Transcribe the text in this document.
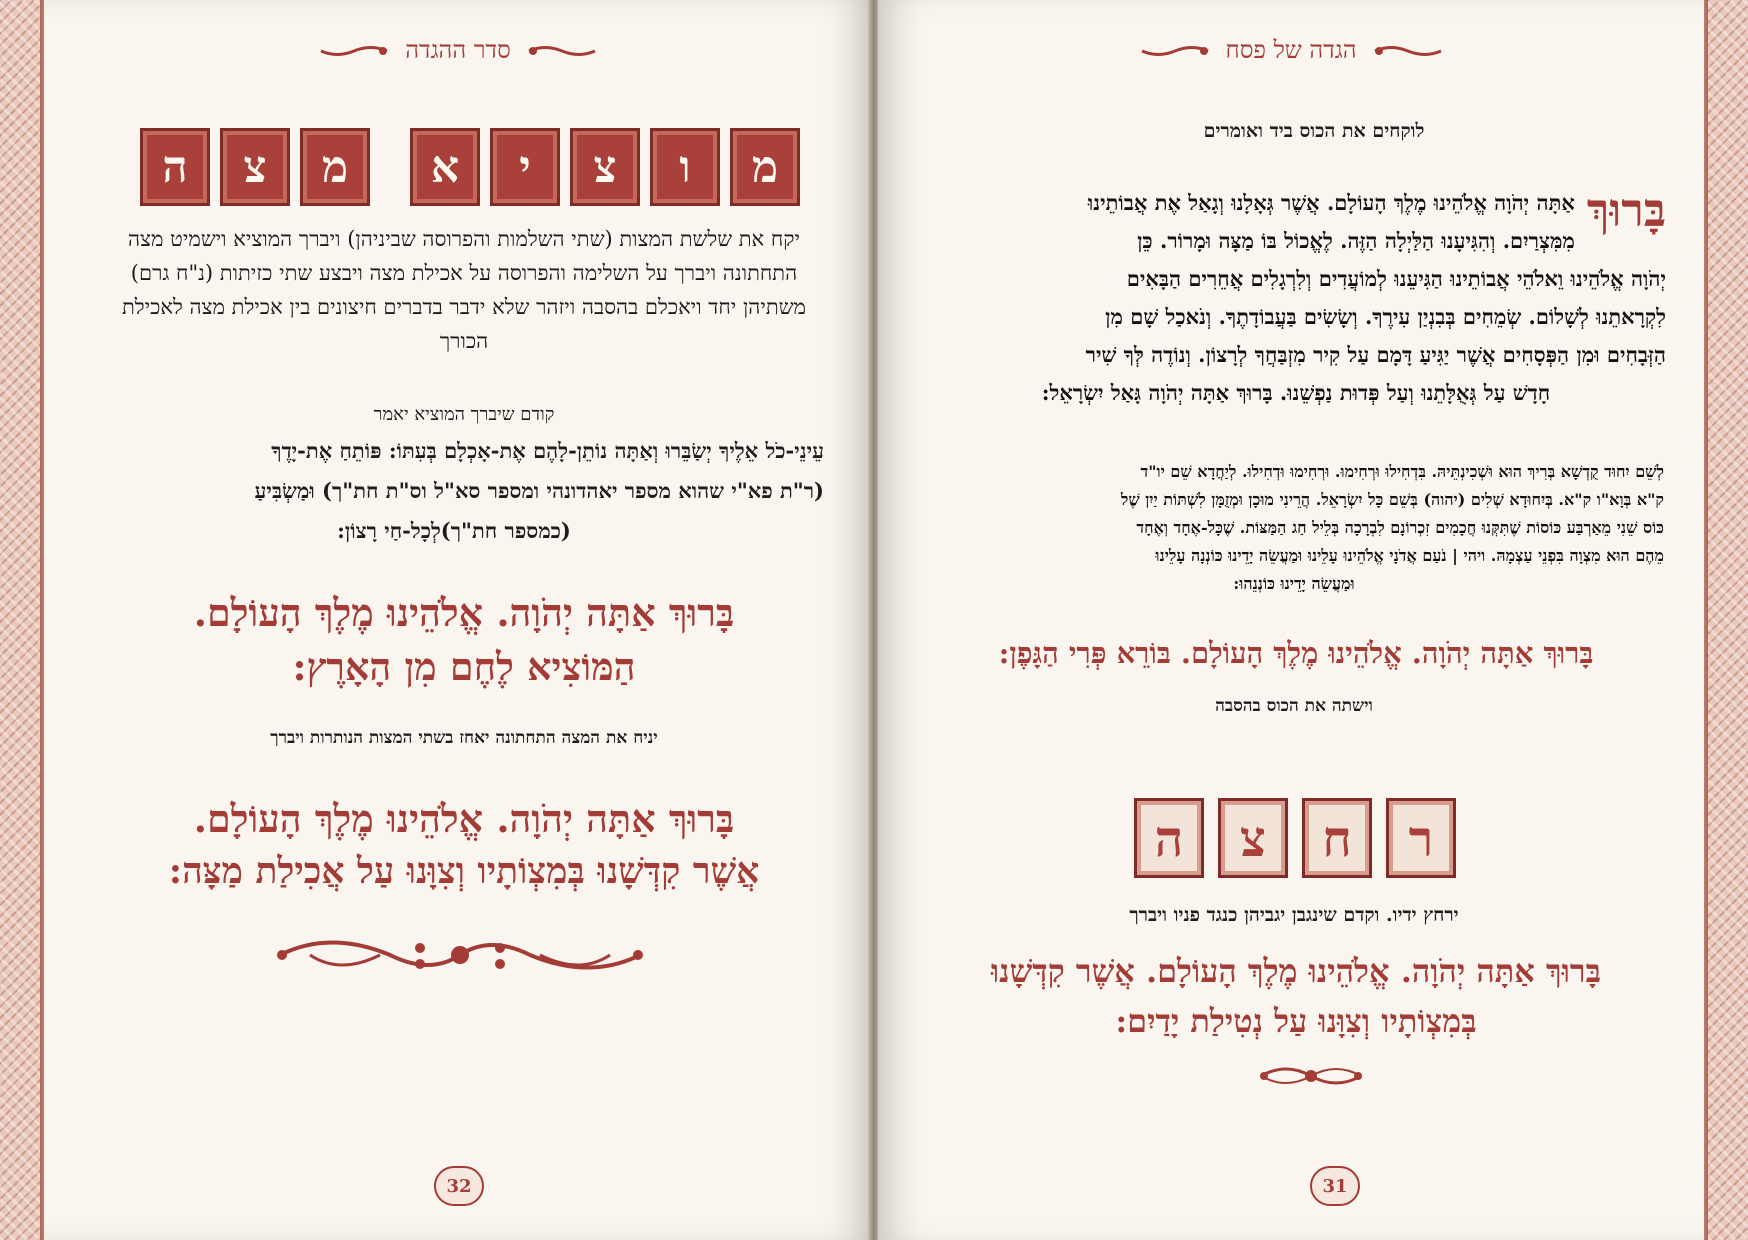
סדר ההגדה
מ
ו
צ
י
א
מ
צ
ה
יקח את שלשת המצות (שתי השלמות והפרוסה שביניהן) ויברך המוציא וישמיט מצה התחתונה ויברך על השלימה והפרוסה על אכילת מצה ויבצע שתי כזיתות (נ"ח גרם) משתיהן יחד ויאכלם בהסבה ויזהר שלא ידבר בדברים חיצונים בין אכילת מצה לאכילת הכורך
קודם שיברך המוציא יאמר
עֵינֵי-כֹל אֵלֶיךָ יְשַׂבֵּרוּ וְאַתָּה נוֹתֵן-לָהֶם אֶת-אָכְלָם בְּעִתּוֹ: פּוֹתֵחַ אֶת-יָדֶךָ
(ר"ת פא"י שהוא מספר יאהדונהי ומספר סא"ל וס"ת חת"ך) וּמַשְׂבִּיעַ
(כמספר חת"ך)לְכָל-חַי רָצוֹן:
בָּרוּךְ אַתָּה יְהֹוָה. אֱלֹהֵינוּ מֶלֶךְ הָעוֹלָם.
הַמּוֹצִיא לֶחֶם מִן הָאָרֶץ:
יניח את המצה התחתונה יאחז בשתי המצות הנותרות ויברך
בָּרוּךְ אַתָּה יְהֹוָה. אֱלֹהֵינוּ מֶלֶךְ הָעוֹלָם.
אֲשֶׁר קִדְּשָׁנוּ בְּמִצְוֹתָיו וְצִוָּנוּ עַל אֲכִילַת מַצָּה:
32
הגדה של פסח
לוקחים את הכוס ביד ואומרים
בָּרוּךְ
אַתָּה יְהֹוָה אֱלֹהֵינוּ מֶלֶךְ הָעוֹלָם. אֲשֶׁר גְּאָלָנוּ וְגָאַל אֶת אֲבוֹתֵינוּ
מִמִּצְרַיִם. וְהִגִּיעָנוּ הַלַּיְלָה הַזֶּה. לֶאֱכוֹל בּוֹ מַצָּה וּמָרוֹר. כֵּן
יְהֹוָה אֱלֹהֵינוּ וֵאלֹהֵי אֲבוֹתֵינוּ הַגִּיעֵנוּ לְמוֹעֲדִים וְלִרְגָלִים אֲחֵרִים הַבָּאִים
לִקְרָאתֵנוּ לְשָׁלוֹם. שְׂמֵחִים בְּבִנְיַן עִירֶךָ. וְשָׂשִׂים בַּעֲבוֹדָתֶךָ. וְנֹאכַל שָׁם מִן
הַזְּבָחִים וּמִן הַפְּסָחִים אֲשֶׁר יַגִּיעַ דָּמָם עַל קִיר מִזְבַּחֲךָ לְרָצוֹן. וְנוֹדֶה לְּךָ שִׁיר
חָדָשׁ עַל גְּאֻלָּתֵנוּ וְעַל פְּדוּת נַפְשֵׁנוּ. בָּרוּךְ אַתָּה יְהֹוָה גָּאַל יִשְׂרָאֵל:
לְשֵׁם יִחוּד קֻדְשָׁא בְּרִיךְ הוּא וּשְׁכִינְתֵּיהּ. בִּדְחִילוּ וּרְחִימוּ. וּרְחִימוּ וּדְחִילוּ. לְיַחֲדָא שֵׁם יו"ד
ק"א בְּוָא"ו ק"א. בְּיִחוּדָא שְׁלִים (יהוה) בְּשֵׁם כָּל יִשְׂרָאֵל. הֲרֵינִי מוּכָן וּמְזֻמָּן לִשְׁתּוֹת יַיִן שֶׁל
כּוֹס שֵׁנִי מֵאַרְבַּע כּוֹסוֹת שֶׁתִּקְּנוּ חֲכָמִים זִכְרוֹנָם לִבְרָכָה בְּלֵיל חַג הַמַּצּוֹת. שֶׁכָּל-אֶחָד וְאֶחָד
מֵהֶם הוּא מִצְוָה בִּפְנֵי עַצְמָהּ. ויהי | נֹעַם אֲדֹנָי אֱלֹהֵינוּ עָלֵינוּ וּמַעֲשֵׂה יָדֵינוּ כּוֹנְנָה עָלֵינוּ
וּמַעֲשֵׂה יָדֵינוּ כּוֹנְנֵהוּ:
בָּרוּךְ אַתָּה יְהֹוָה. אֱלֹהֵינוּ מֶלֶךְ הָעוֹלָם. בּוֹרֵא פְּרִי הַגָּפֶן:
וישתה את הכוס בהסבה
ר
ח
צ
ה
ירחץ ידיו. וקדם שינגבן יגביהן כנגד פניו ויברך
בָּרוּךְ אַתָּה יְהֹוָה. אֱלֹהֵינוּ מֶלֶךְ הָעוֹלָם. אֲשֶׁר קִדְּשָׁנוּ
בְּמִצְוֹתָיו וְצִוָּנוּ עַל נְטִילַת יָדַיִם:
31
